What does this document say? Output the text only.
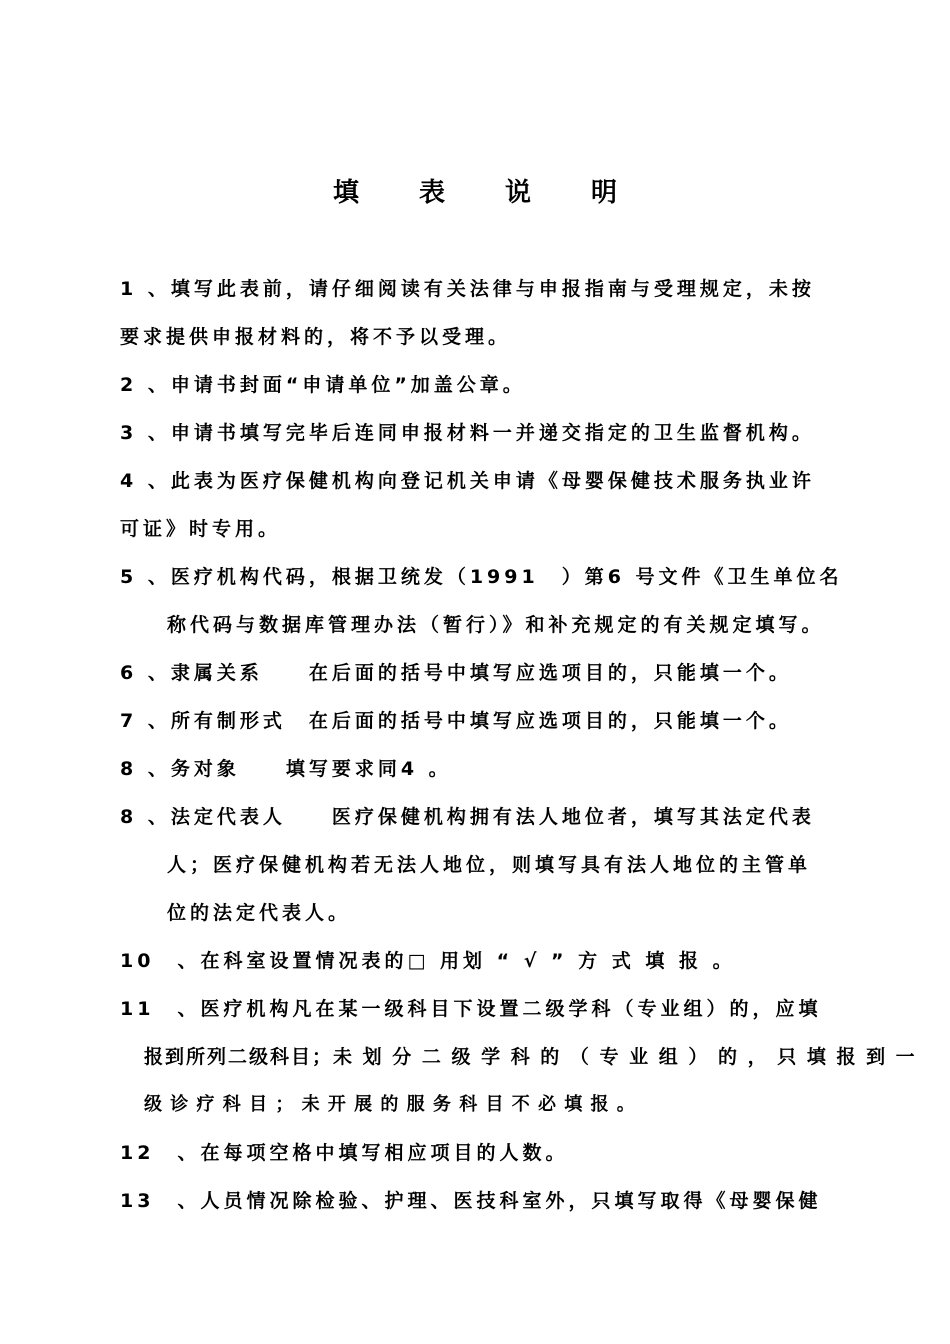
填 表 说 明
1 、填写此表前，请仔细阅读有关法律与申报指南与受理规定，未按
要求提供申报材料的，将不予以受理。
2 、申请书封面“申请单位”加盖公章。
3 、申请书填写完毕后连同申报材料一并递交指定的卫生监督机构。
4 、此表为医疗保健机构向登记机关申请《母婴保健技术服务执业许
可证》时专用。
5 、医疗机构代码，根据卫统发（1991　）第6 号文件《卫生单位名
称代码与数据库管理办法（暂行）》和补充规定的有关规定填写。
6 、隶属关系　　在后面的括号中填写应选项目的，只能填一个。
7 、所有制形式　在后面的括号中填写应选项目的，只能填一个。
8 、务对象　　填写要求同4 。
8 、法定代表人　　医疗保健机构拥有法人地位者，填写其法定代表
人；医疗保健机构若无法人地位，则填写具有法人地位的主管单
位的法定代表人。
10　、在科室设置情况表的□ 用划 “ √ ” 方 式 填 报 。
11　、医疗机构凡在某一级科目下设置二级学科（专业组）的，应填
报到所列二级科目；未 划 分 二 级 学 科 的 （ 专 业 组 ） 的 ， 只 填 报 到 一
级 诊 疗 科 目 ； 未 开 展 的 服 务 科 目 不 必 填 报 。
12　、在每项空格中填写相应项目的人数。
13　、人员情况除检验、护理、医技科室外，只填写取得《母婴保健
